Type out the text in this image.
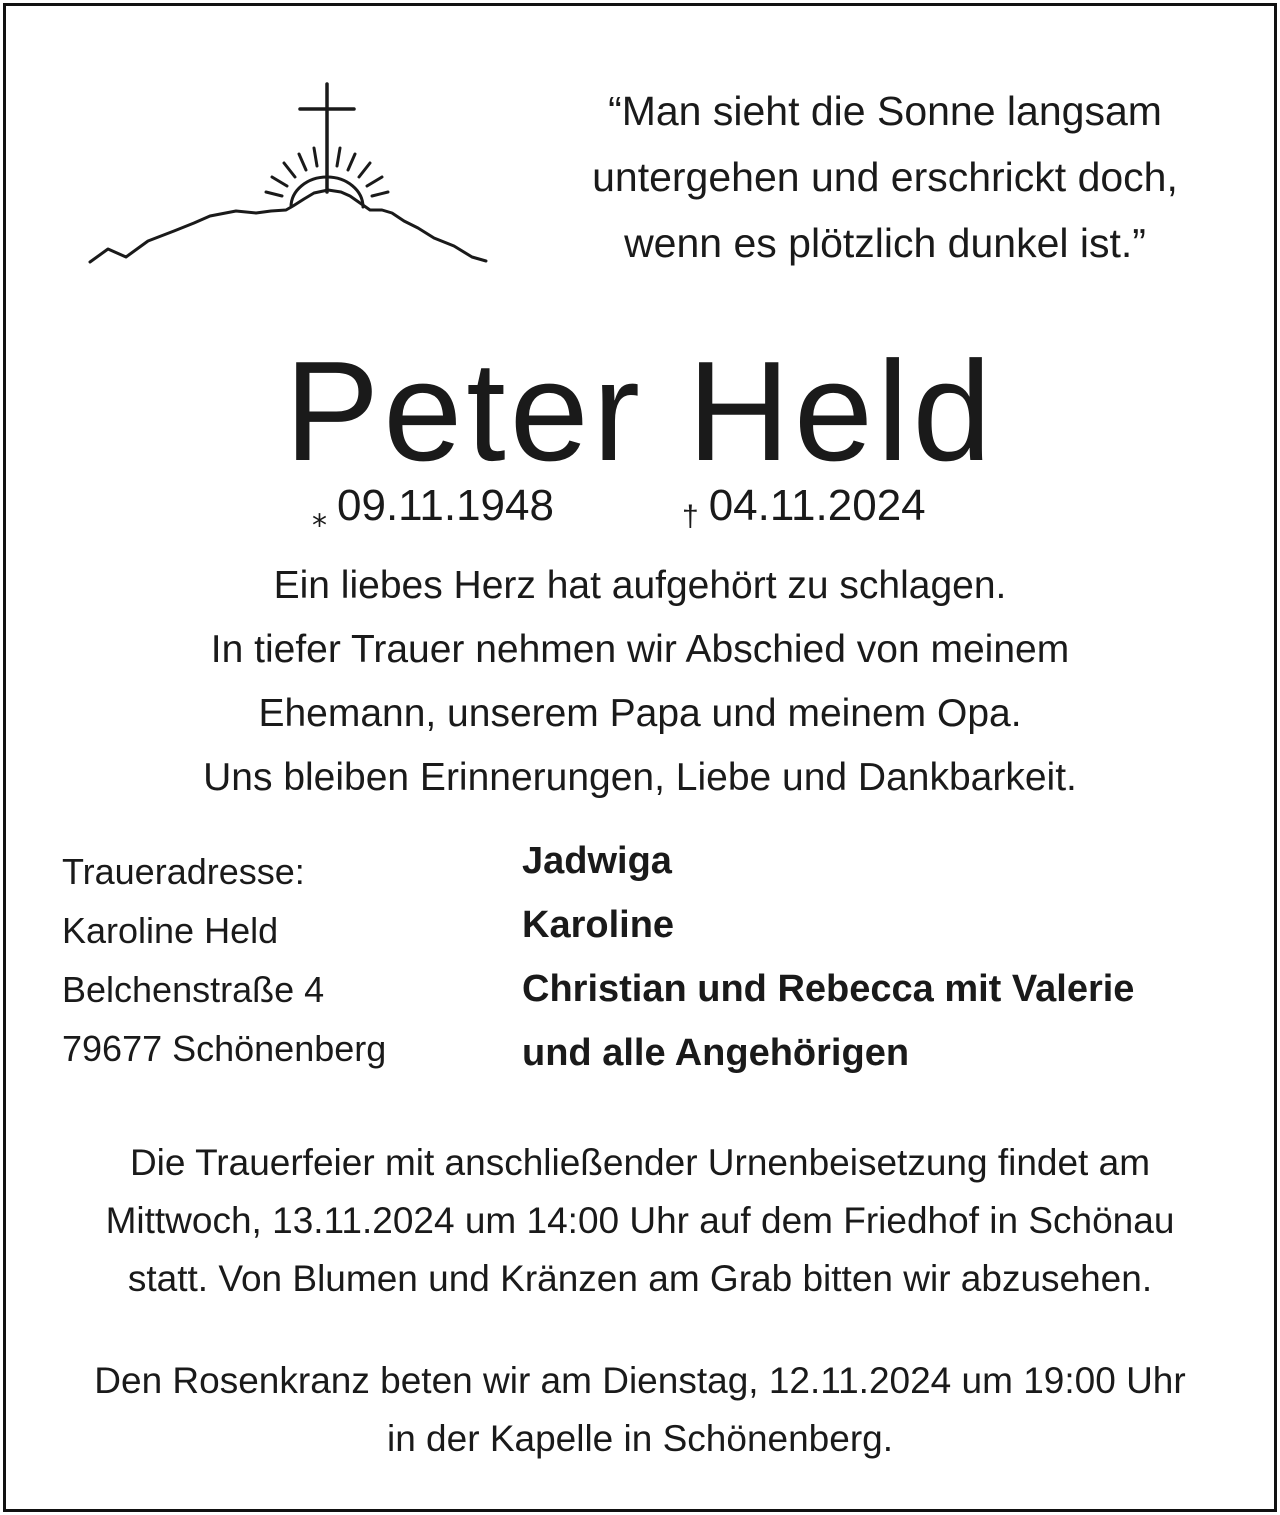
“Man sieht die Sonne langsam
untergehen und erschrickt doch,
wenn es plötzlich dunkel ist.”
Peter Held
⁎ 09.11.1948	† 04.11.2024
Ein liebes Herz hat aufgehört zu schlagen.
In tiefer Trauer nehmen wir Abschied von meinem
Ehemann, unserem Papa und meinem Opa.
Uns bleiben Erinnerungen, Liebe und Dankbarkeit.
Traueradresse:
Karoline Held
Belchenstraße 4
79677 Schönenberg
Jadwiga
Karoline
Christian und Rebecca mit Valerie
und alle Angehörigen
Die Trauerfeier mit anschließender Urnenbeisetzung findet am
Mittwoch, 13.11.2024 um 14:00 Uhr auf dem Friedhof in Schönau
statt. Von Blumen und Kränzen am Grab bitten wir abzusehen.
Den Rosenkranz beten wir am Dienstag, 12.11.2024 um 19:00 Uhr
in der Kapelle in Schönenberg.
